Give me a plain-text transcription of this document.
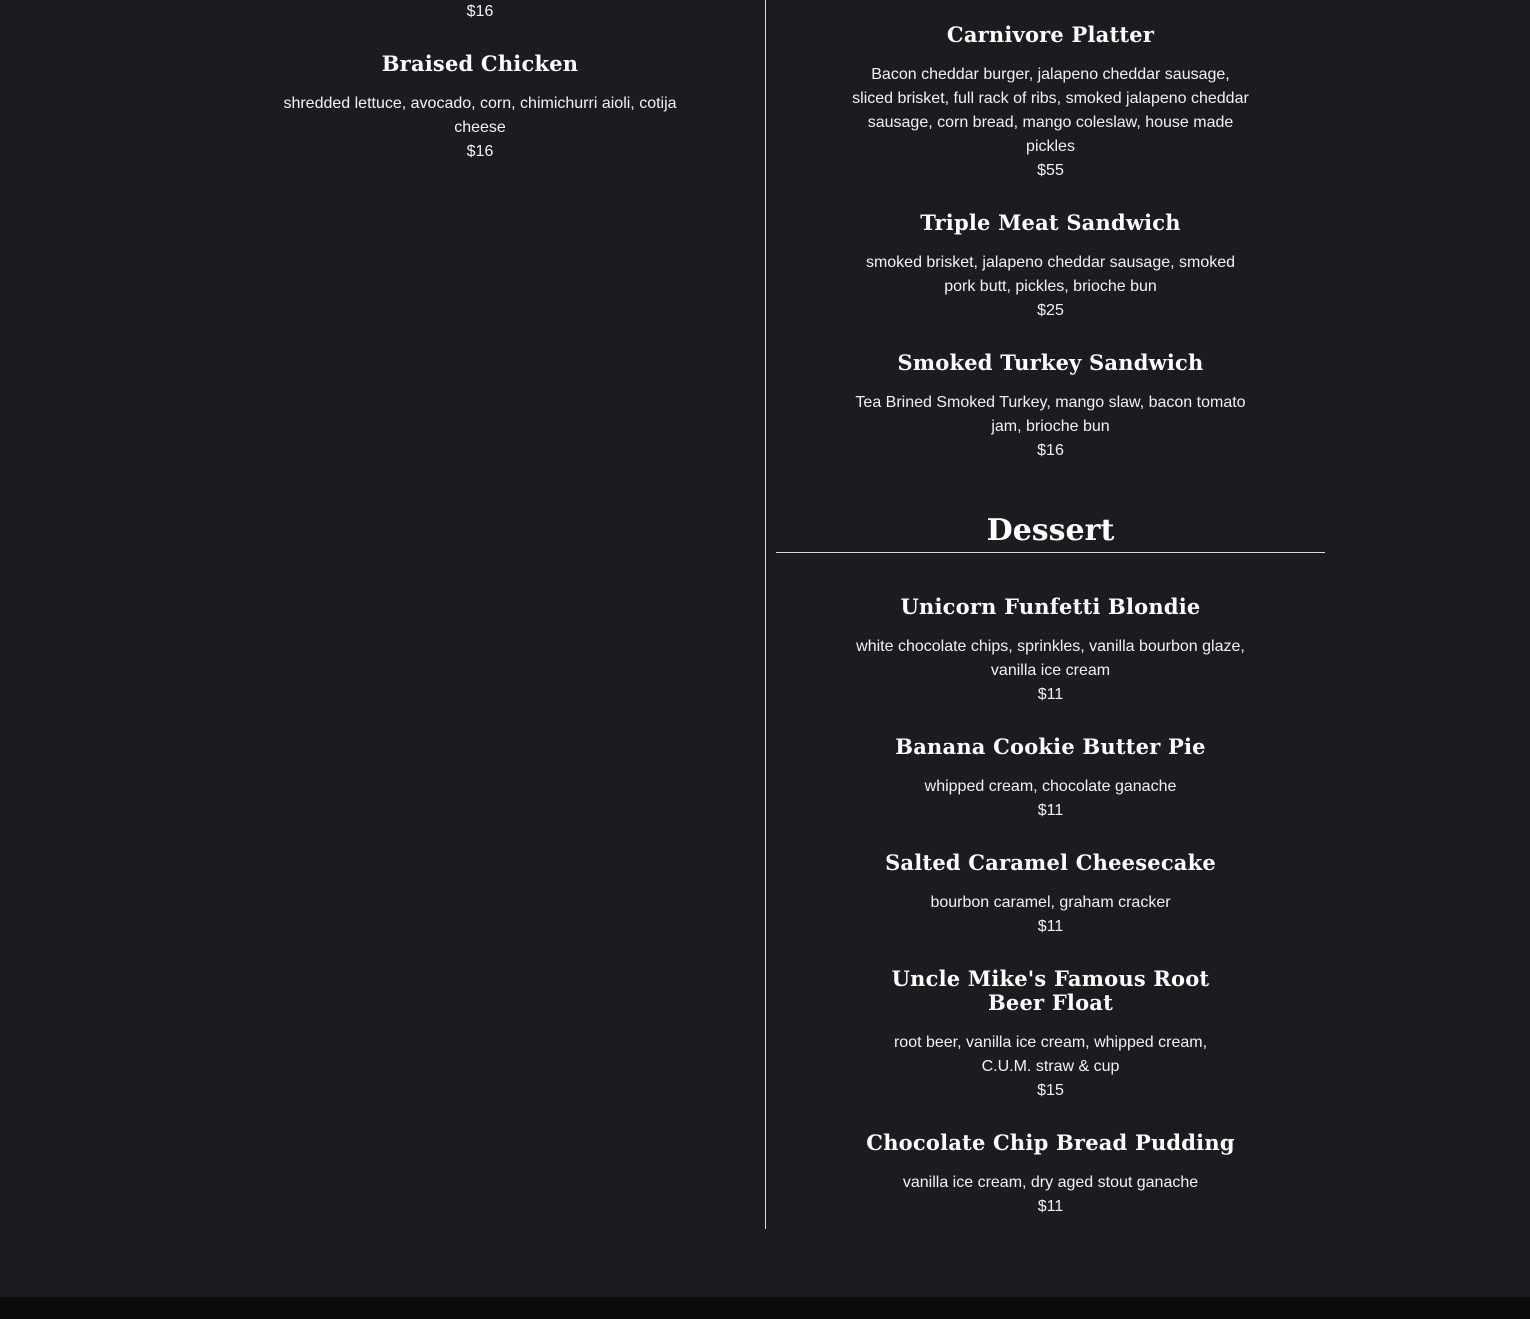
$16

Braised Chicken

shredded lettuce, avocado, corn, chimichurri aioli, cotija cheese

$16

Carnivore Platter

Bacon cheddar burger, jalapeno cheddar sausage, sliced brisket, full rack of ribs, smoked jalapeno cheddar sausage, corn bread, mango coleslaw, house made pickles

$55

Triple Meat Sandwich

smoked brisket, jalapeno cheddar sausage, smoked pork butt, pickles, brioche bun

$25

Smoked Turkey Sandwich

Tea Brined Smoked Turkey, mango slaw, bacon tomato jam, brioche bun

$16

Dessert
Unicorn Funfetti Blondie

white chocolate chips, sprinkles, vanilla bourbon glaze, vanilla ice cream

$11

Banana Cookie Butter Pie

whipped cream, chocolate ganache

$11

Salted Caramel Cheesecake

bourbon caramel, graham cracker

$11

Uncle Mike's Famous Root Beer Float

root beer, vanilla ice cream, whipped cream, C.U.M. straw & cup

$15

Chocolate Chip Bread Pudding

vanilla ice cream, dry aged stout ganache

$11
